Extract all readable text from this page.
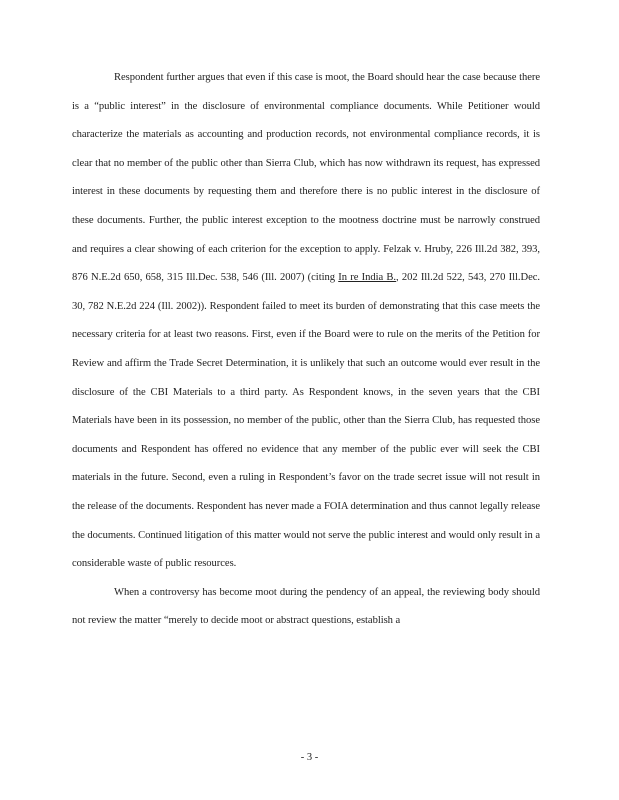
Respondent further argues that even if this case is moot, the Board should hear the case because there is a “public interest” in the disclosure of environmental compliance documents. While Petitioner would characterize the materials as accounting and production records, not environmental compliance records, it is clear that no member of the public other than Sierra Club, which has now withdrawn its request, has expressed interest in these documents by requesting them and therefore there is no public interest in the disclosure of these documents. Further, the public interest exception to the mootness doctrine must be narrowly construed and requires a clear showing of each criterion for the exception to apply. Felzak v. Hruby, 226 Ill.2d 382, 393, 876 N.E.2d 650, 658, 315 Ill.Dec. 538, 546 (Ill. 2007) (citing In re India B., 202 Ill.2d 522, 543, 270 Ill.Dec. 30, 782 N.E.2d 224 (Ill. 2002)). Respondent failed to meet its burden of demonstrating that this case meets the necessary criteria for at least two reasons. First, even if the Board were to rule on the merits of the Petition for Review and affirm the Trade Secret Determination, it is unlikely that such an outcome would ever result in the disclosure of the CBI Materials to a third party. As Respondent knows, in the seven years that the CBI Materials have been in its possession, no member of the public, other than the Sierra Club, has requested those documents and Respondent has offered no evidence that any member of the public ever will seek the CBI materials in the future. Second, even a ruling in Respondent’s favor on the trade secret issue will not result in the release of the documents. Respondent has never made a FOIA determination and thus cannot legally release the documents. Continued litigation of this matter would not serve the public interest and would only result in a considerable waste of public resources.

When a controversy has become moot during the pendency of an appeal, the reviewing body should not review the matter “merely to decide moot or abstract questions, establish a

- 3 -
